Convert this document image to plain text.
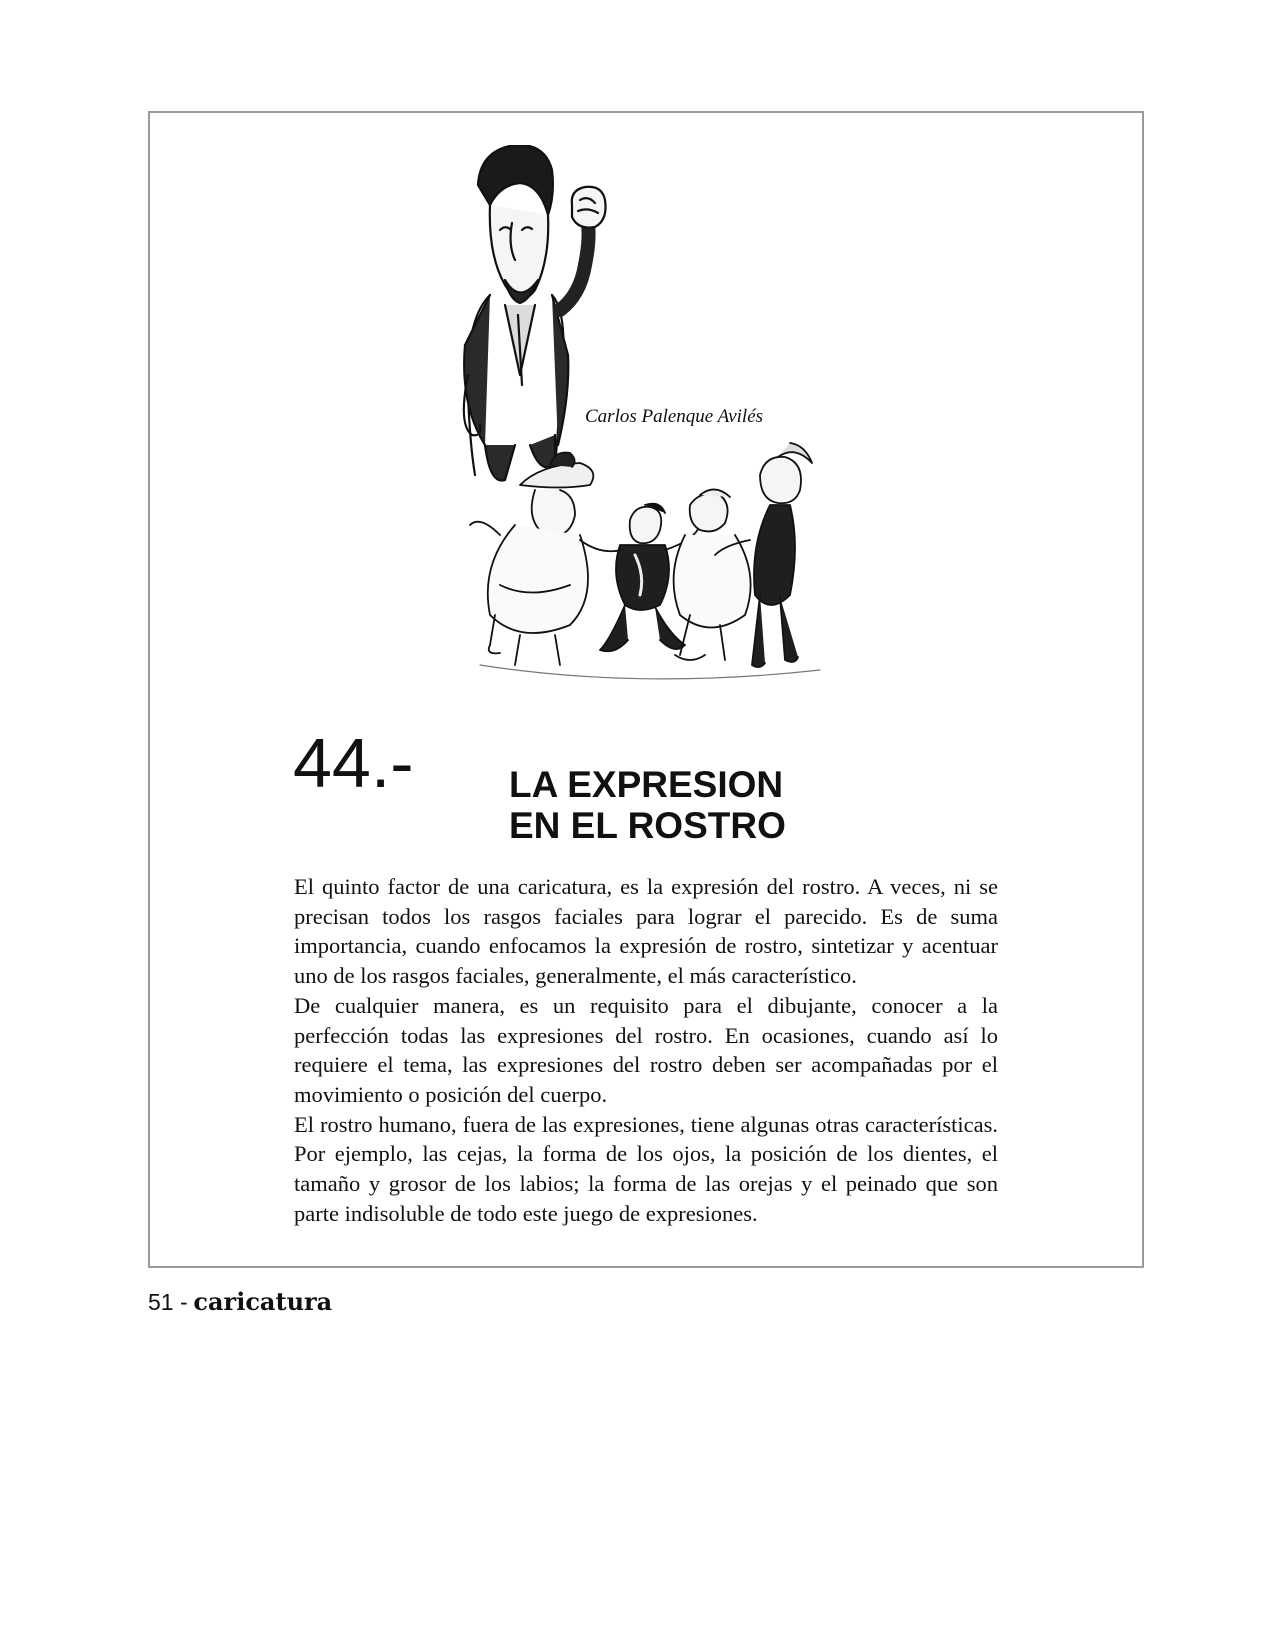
Carlos Palenque Avilés
44.-	LA EXPRESION
EN EL ROSTRO

El quinto factor de una caricatura, es la expresión del rostro. A veces, ni se precisan todos los rasgos faciales para lograr el parecido. Es de suma importancia, cuando enfocamos la expresión de rostro, sintetizar y acentuar uno de los rasgos faciales, generalmente, el más característico.

De cualquier manera, es un requisito para el dibujante, conocer a la perfección todas las expresiones del rostro. En ocasiones, cuando así lo requiere el tema, las expresiones del rostro deben ser acompañadas por el movimiento o posición del cuerpo.

El rostro humano, fuera de las expresiones, tiene algunas otras características. Por ejemplo, las cejas, la forma de los ojos, la posición de los dientes, el tamaño y grosor de los labios; la forma de las orejas y el peinado que son parte indisoluble de todo este juego de expresiones.

51 - caricatura
